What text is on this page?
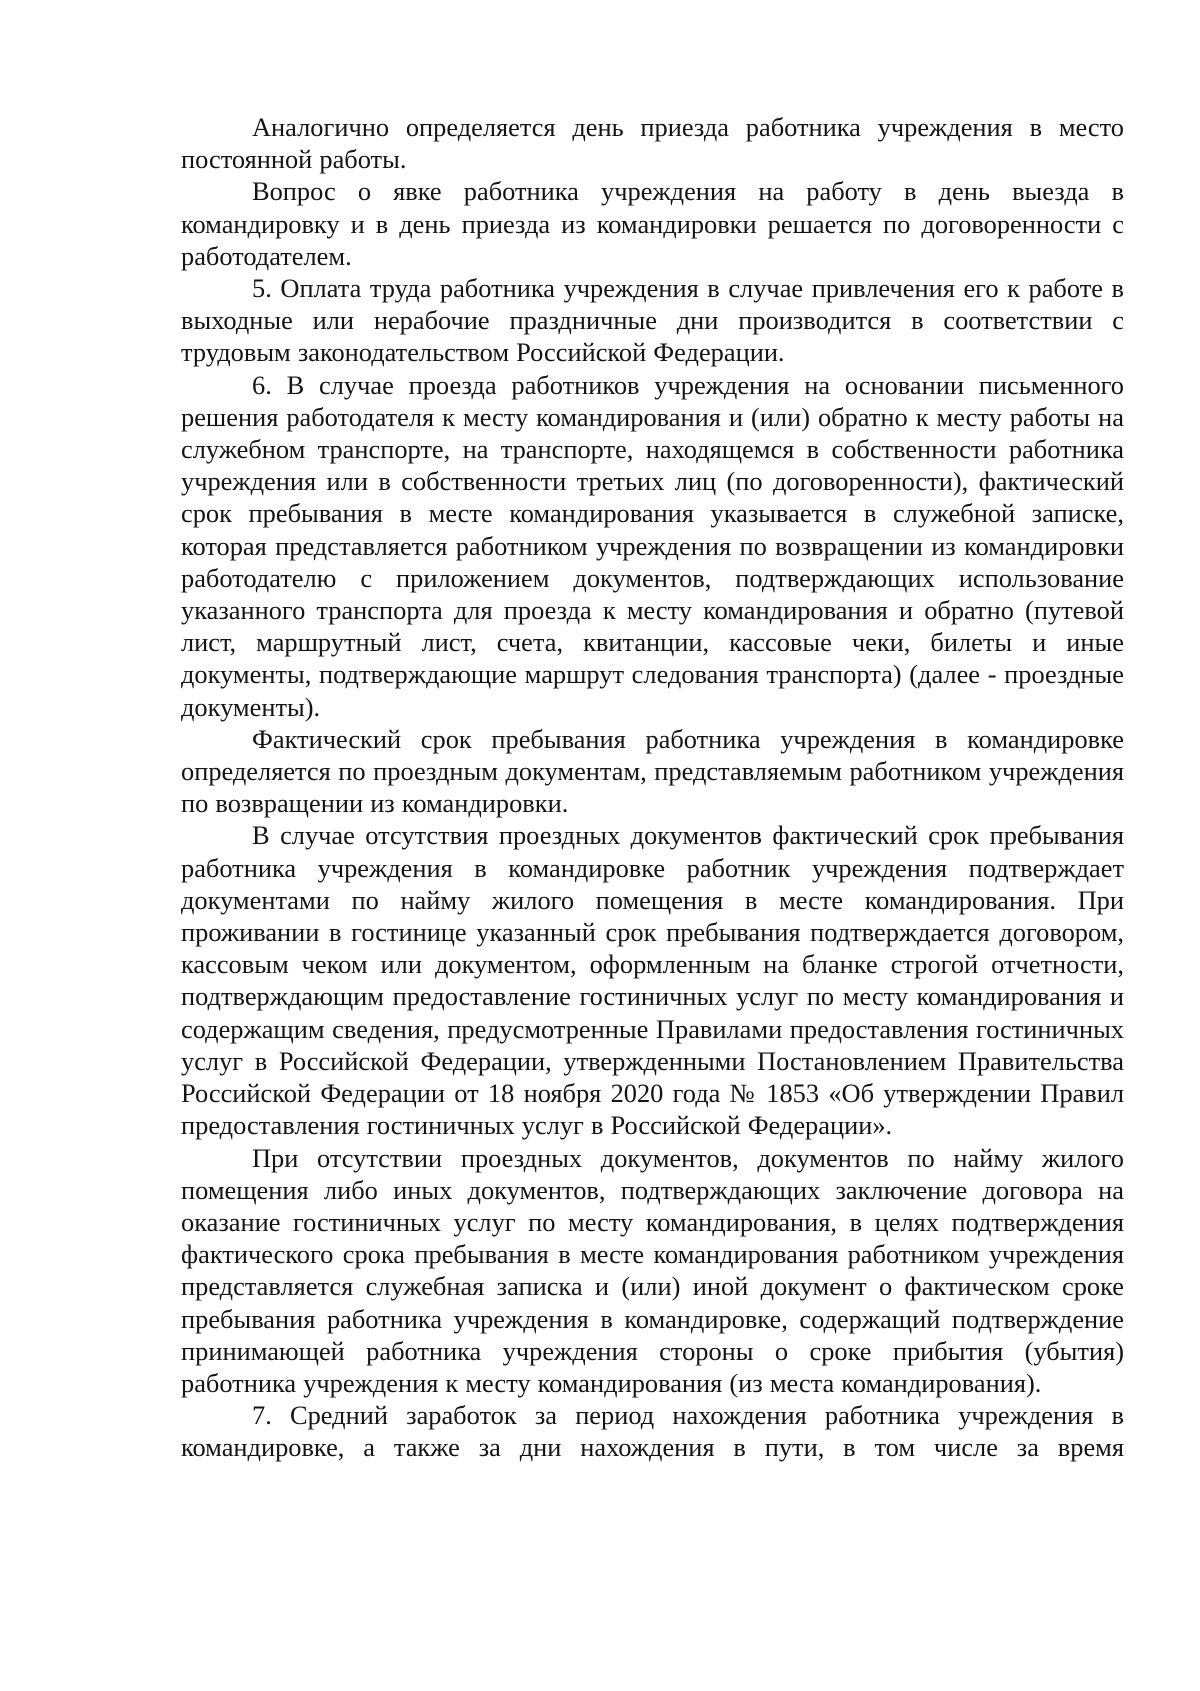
Аналогично определяется день приезда работника учреждения в место постоянной работы.

Вопрос о явке работника учреждения на работу в день выезда в командировку и в день приезда из командировки решается по договоренности с работодателем.

5. Оплата труда работника учреждения в случае привлечения его к работе в выходные или нерабочие праздничные дни производится в соответствии с трудовым законодательством Российской Федерации.

6. В случае проезда работников учреждения на основании письменного решения работодателя к месту командирования и (или) обратно к месту работы на служебном транспорте, на транспорте, находящемся в собственности работника учреждения или в собственности третьих лиц (по договоренности), фактический срок пребывания в месте командирования указывается в служебной записке, которая представляется работником учреждения по возвращении из командировки работодателю с приложением документов, подтверждающих использование указанного транспорта для проезда к месту командирования и обратно (путевой лист, маршрутный лист, счета, квитанции, кассовые чеки, билеты и иные документы, подтверждающие маршрут следования транспорта) (далее - проездные документы).

Фактический срок пребывания работника учреждения в командировке определяется по проездным документам, представляемым работником учреждения по возвращении из командировки.

В случае отсутствия проездных документов фактический срок пребывания работника учреждения в командировке работник учреждения подтверждает документами по найму жилого помещения в месте командирования. При проживании в гостинице указанный срок пребывания подтверждается договором, кассовым чеком или документом, оформленным на бланке строгой отчетности, подтверждающим предоставление гостиничных услуг по месту командирования и содержащим сведения, предусмотренные Правилами предоставления гостиничных услуг в Российской Федерации, утвержденными Постановлением Правительства Российской Федерации от 18 ноября 2020 года № 1853 «Об утверждении Правил предоставления гостиничных услуг в Российской Федерации».

При отсутствии проездных документов, документов по найму жилого помещения либо иных документов, подтверждающих заключение договора на оказание гостиничных услуг по месту командирования, в целях подтверждения фактического срока пребывания в месте командирования работником учреждения представляется служебная записка и (или) иной документ о фактическом сроке пребывания работника учреждения в командировке, содержащий подтверждение принимающей работника учреждения стороны о сроке прибытия (убытия) работника учреждения к месту командирования (из места командирования).

7. Средний заработок за период нахождения работника учреждения в командировке, а также за дни нахождения в пути, в том числе за время
